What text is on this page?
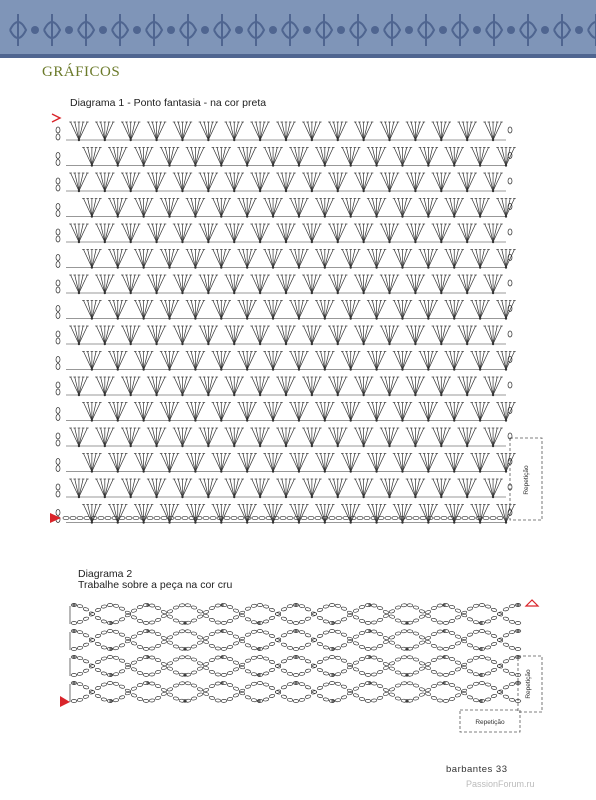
GRÁFICOS
Diagrama 1 - Ponto fantasia - na cor preta
Repetição
Diagrama 2
Trabalhe sobre a peça na cor cru
Repetição
Repetição
barbantes 33
PassionForum.ru
